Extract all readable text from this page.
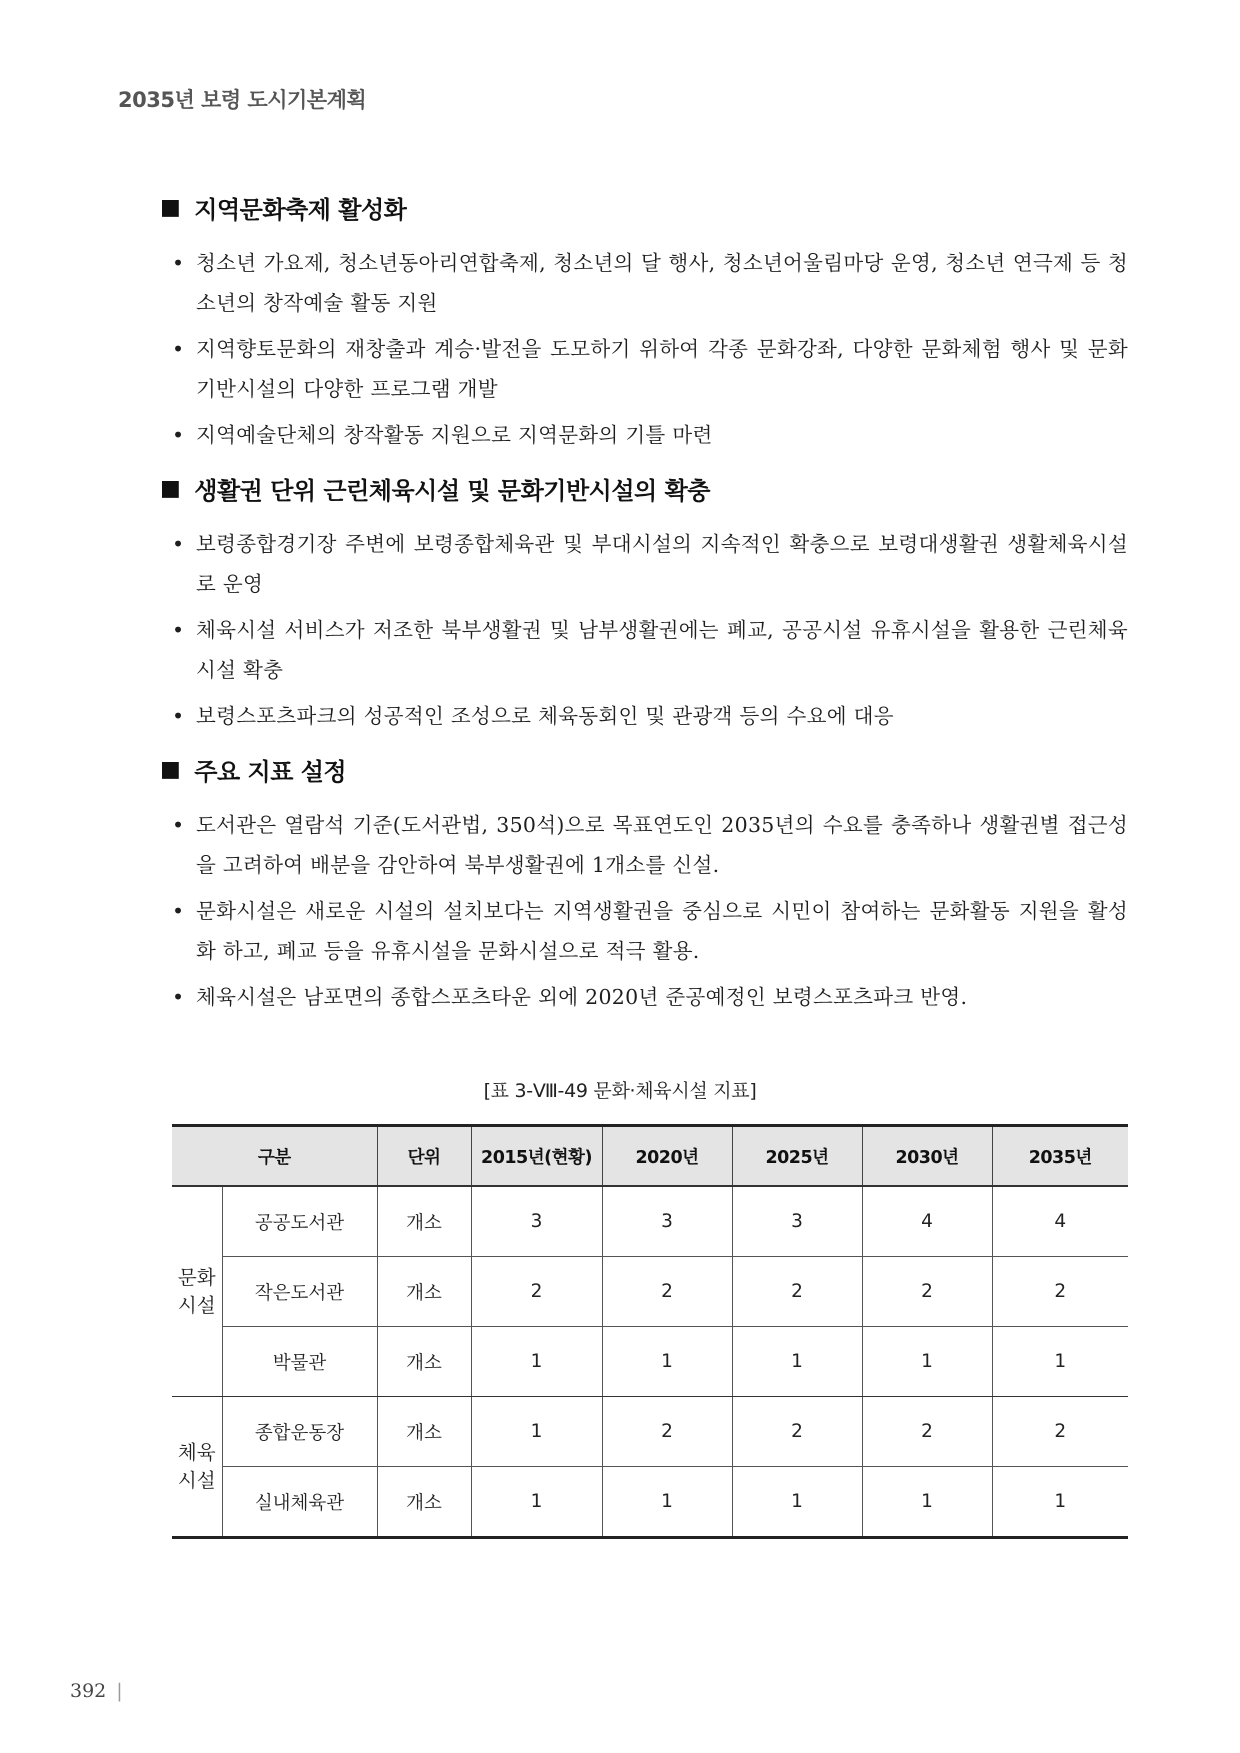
2035년 보령 도시기본계획
■ 지역문화축제 활성화
• 청소년 가요제, 청소년동아리연합축제, 청소년의 달 행사, 청소년어울림마당 운영, 청소년 연극제 등 청소년의 창작예술 활동 지원
• 지역향토문화의 재창출과 계승·발전을 도모하기 위하여 각종 문화강좌, 다양한 문화체험 행사 및 문화기반시설의 다양한 프로그램 개발
• 지역예술단체의 창작활동 지원으로 지역문화의 기틀 마련
■ 생활권 단위 근린체육시설 및 문화기반시설의 확충
• 보령종합경기장 주변에 보령종합체육관 및 부대시설의 지속적인 확충으로 보령대생활권 생활체육시설로 운영
• 체육시설 서비스가 저조한 북부생활권 및 남부생활권에는 폐교, 공공시설 유휴시설을 활용한 근린체육시설 확충
• 보령스포츠파크의 성공적인 조성으로 체육동회인 및 관광객 등의 수요에 대응
■ 주요 지표 설정
• 도서관은 열람석 기준(도서관법, 350석)으로 목표연도인 2035년의 수요를 충족하나 생활권별 접근성을 고려하여 배분을 감안하여 북부생활권에 1개소를 신설.
• 문화시설은 새로운 시설의 설치보다는 지역생활권을 중심으로 시민이 참여하는 문화활동 지원을 활성화 하고, 폐교 등을 유휴시설을 문화시설으로 적극 활용.
• 체육시설은 남포면의 종합스포츠타운 외에 2020년 준공예정인 보령스포츠파크 반영.
[표 3-Ⅷ-49 문화·체육시설 지표]
구분		단위	2015년(현황)	2020년	2025년	2030년	2035년
문화
시설	공공도서관	개소	3	3	3	4	4
	작은도서관	개소	2	2	2	2	2
	박물관	개소	1	1	1	1	1
체육
시설	종합운동장	개소	1	2	2	2	2
	실내체육관	개소	1	1	1	1	1
392 |
